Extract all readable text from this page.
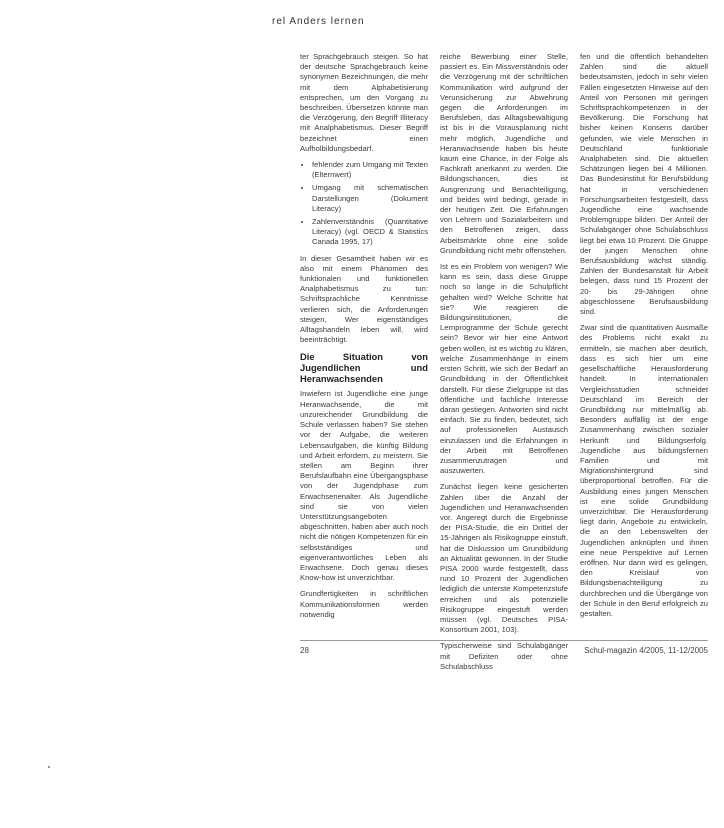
rel Anders lernen

ter Sprachgebrauch steigen. So hat der deutsche Sprachgebrauch keine synonymen Bezeichnungen, die mehr mit dem Alphabetisierung entsprechen, um den Vorgang zu beschreiben. Übersetzen könnte man die Verzögerung, den Begriff Illiteracy mit Analphabetismus. Dieser Begriff bezeichnet einen Aufholbildungsbedarf.

• fehlender zum Umgang mit Texten (Elternwert)
• Umgang mit schematischen Darstellungen (Dokument Literacy)
• Zahlenverständnis (Quantitative Literacy) (vgl. OECD & Statistics Canada 1995, 17)

In dieser Gesamtheit haben wir es also mit einem Phänomen des funktionalen und funktionellen Analphabetismus zu tun: Schriftsprachliche Kenntnisse verlieren sich, die Anforderungen steigen, Wer eigenständiges Alltagshandeln leben will, wird beeinträchtigt.

Die Situation von Jugendlichen und Heranwachsenden

Inwiefern ist Jugendliche eine junge Heranwachsende, die mit unzureichender Grundbildung die Schule verlassen haben? Sie stehen vor der Aufgabe, die weiteren Lebensaufgaben, die künftig Bildung und Arbeit erfordern, zu meistern. Sie stellen am Beginn ihrer Berufslaufbahn eine Übergangsphase von der Jugendphase zum Erwachsenenalter. Als Jugendliche sind sie von vielen Unterstützungsangeboten abgeschnitten, haben aber auch noch nicht die nötigen Kompetenzen für ein selbstständiges und eigenverantwortliches Leben als Erwachsene. Doch genau dieses Know-how ist unverzichtbar.

Grundfertigkeiten in schriftlichen Kommunikationsformen werden notwendig

reiche Bewerbung einer Stelle, passiert es. Ein Missverständnis oder die Verzögerung mit der schriftlichen Kommunikation wird aufgrund der Verunsicherung zur Abwehrung gegen die Anforderungen im Berufsleben, das Alltagsbewältigung ist bis in die Vorausplanung nicht mehr möglich. Jugendliche und Heranwachsende haben bis heute kaum eine Chance, in der Folge als Fachkraft anerkannt zu werden. Die Bildungschancen, dies ist Ausgrenzung und Benachteiligung, und beides wird bedingt, gerade in der heutigen Zeit. Die Erfahrungen von Lehrern und Sozialarbeitern und den Betroffenen zeigen, dass Arbeitsmärkte ohne eine solide Grundbildung nicht mehr offenstehen.

Ist es ein Problem von wenigen? Wie kann es sein, dass diese Gruppe noch so lange in die Schulpflicht gehalten wird? Welche Schritte hat sie? Wie reagieren die Bildungsinstitutionen, die Lernprogramme der Schule gerecht sein? Bevor wir hier eine Antwort geben wollen, ist es wichtig zu klären, welche Zusammenhänge in einem ersten Schritt, wie sich der Bedarf an Grundbildung in der Öffentlichkeit darstellt. Für diese Zielgruppe ist das öffentliche und fachliche Interesse daran gestiegen. Antworten sind nicht einfach. Sie zu finden, bedeutet, sich auf professionellen Austausch einzulassen und die Erfahrungen in der Arbeit mit Betroffenen zusammenzutragen und auszuwerten.

Zunächst liegen keine gesicherten Zahlen über die Anzahl der Jugendlichen und Heranwachsenden vor. Angeregt durch die Ergebnisse der PISA-Studie, die ein Drittel der 15-Jährigen als Risikogruppe einstuft, hat die Diskussion um Grundbildung an Aktualität gewonnen. In der Studie PISA 2000 wurde festgestellt, dass rund 10 Prozent der Jugendlichen lediglich die unterste Kompetenzstufe erreichen und als potenzielle Risikogruppe eingestuft werden müssen (vgl. Deutsches PISA-Konsortium 2001, 103).

Typischerweise sind Schulabgänger mit Defiziten oder ohne Schulabschluss

fen und die öffentlich behandelten Zahlen sind die aktuell bedeutsamsten, jedoch in sehr vielen Fällen eingesetzten Hinweise auf den Anteil von Personen mit geringen Schriftsprachkompetenzen in der Bevölkerung. Die Forschung hat bisher keinen Konsens darüber gefunden, wie viele Menschen in Deutschland funktionale Analphabeten sind. Die aktuellen Schätzungen liegen bei 4 Millionen. Das Bundesinstitut für Berufsbildung hat in verschiedenen Forschungsarbeiten festgestellt, dass Jugendliche eine wachsende Problemgruppe bilden. Der Anteil der Schulabgänger ohne Schulabschluss liegt bei etwa 10 Prozent. Die Gruppe der jungen Menschen ohne Berufsausbildung wächst ständig. Zahlen der Bundesanstalt für Arbeit belegen, dass rund 15 Prozent der 20- bis 29-Jährigen ohne abgeschlossene Berufsausbildung sind.

Zwar sind die quantitativen Ausmaße des Problems nicht exakt zu ermitteln, sie machen aber deutlich, dass es sich hier um eine gesellschaftliche Herausforderung handelt. In internationalen Vergleichsstudien schneidet Deutschland im Bereich der Grundbildung nur mittelmäßig ab. Besonders auffällig ist der enge Zusammenhang zwischen sozialer Herkunft und Bildungserfolg. Jugendliche aus bildungsfernen Familien und mit Migrationshintergrund sind überproportional betroffen. Für die Ausbildung eines jungen Menschen ist eine solide Grundbildung unverzichtbar. Die Herausforderung liegt darin, Angebote zu entwickeln, die an den Lebenswelten der Jugendlichen anknüpfen und ihnen eine neue Perspektive auf Lernen eröffnen. Nur dann wird es gelingen, den Kreislauf von Bildungsbenachteiligung zu durchbrechen und die Übergänge von der Schule in den Beruf erfolgreich zu gestalten.

28	Schul-magazin 4/2005, 11-12/2005
